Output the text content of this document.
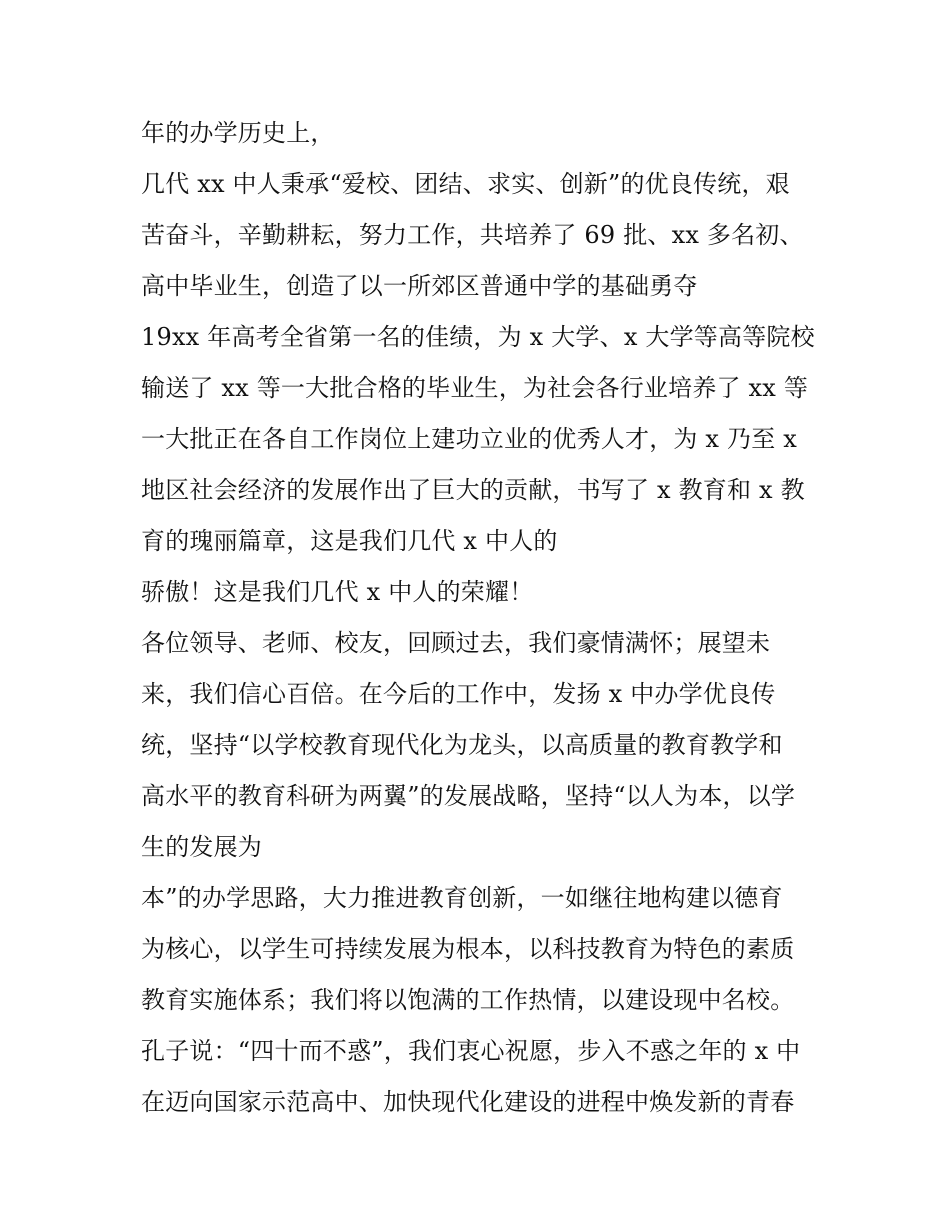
年的办学历史上，
几代 xx 中人秉承“爱校、团结、求实、创新”的优良传统，艰
苦奋斗，辛勤耕耘，努力工作，共培养了 69 批、xx 多名初、
高中毕业生，创造了以一所郊区普通中学的基础勇夺
19xx 年高考全省第一名的佳绩，为 x 大学、x 大学等高等院校
输送了 xx 等一大批合格的毕业生，为社会各行业培养了 xx 等
一大批正在各自工作岗位上建功立业的优秀人才，为 x 乃至 x
地区社会经济的发展作出了巨大的贡献，书写了 x 教育和 x 教
育的瑰丽篇章，这是我们几代 x 中人的
骄傲！这是我们几代 x 中人的荣耀！
各位领导、老师、校友，回顾过去，我们豪情满怀；展望未
来，我们信心百倍。在今后的工作中，发扬 x 中办学优良传
统，坚持“以学校教育现代化为龙头，以高质量的教育教学和
高水平的教育科研为两翼”的发展战略，坚持“以人为本，以学
生的发展为
本”的办学思路，大力推进教育创新，一如继往地构建以德育
为核心，以学生可持续发展为根本，以科技教育为特色的素质
教育实施体系；我们将以饱满的工作热情，以建设现中名校。
孔子说：“四十而不惑”，我们衷心祝愿，步入不惑之年的 x 中
在迈向国家示范高中、加快现代化建设的进程中焕发新的青春
